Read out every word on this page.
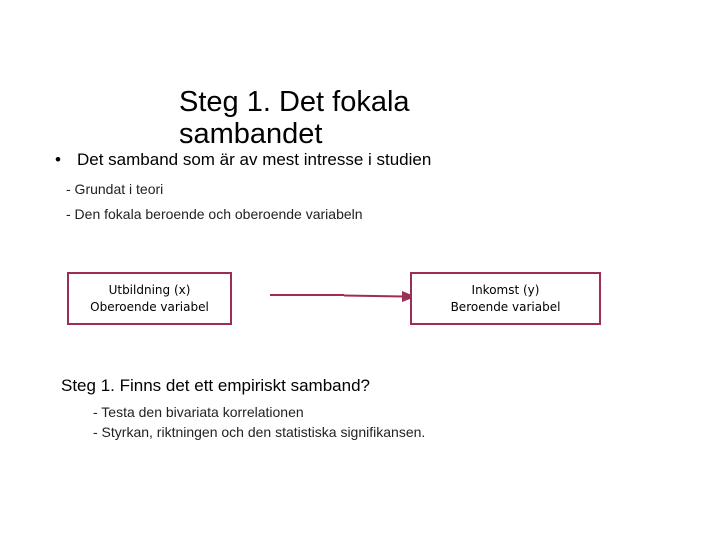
• Det samband som är av mest intresse i studien
Steg 1. Det fokala sambandet
- Grundat i teori
- Den fokala beroende och oberoende variabeln
Utbildning (x)
Oberoende variabel
Inkomst (y)
Beroende variabel
Steg 1. Finns det ett empiriskt samband?
- Testa den bivariata korrelationen
- Styrkan, riktningen och den statistiska signifikansen.
